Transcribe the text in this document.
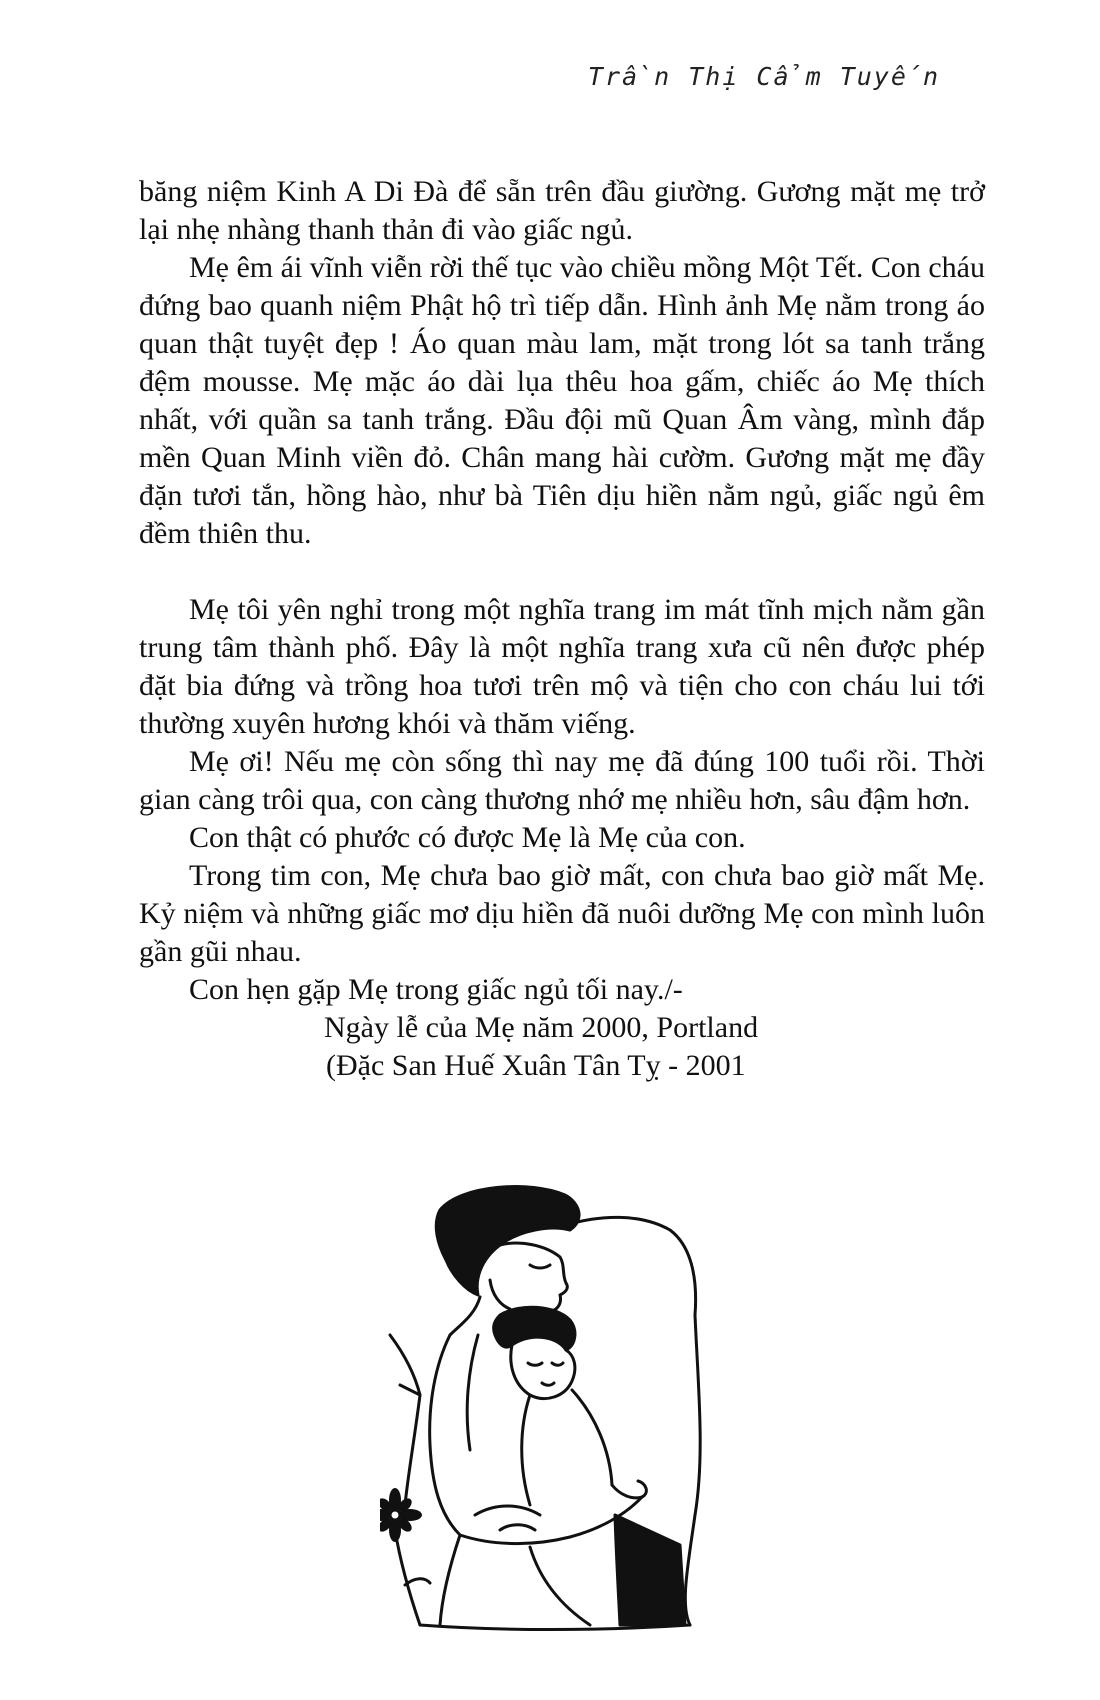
Trần Thị Cẩm Tuyến

băng niệm Kinh A Di Đà để sẵn trên đầu giường. Gương mặt mẹ trở lại nhẹ nhàng thanh thản đi vào giấc ngủ.

Mẹ êm ái vĩnh viễn rời thế tục vào chiều mồng Một Tết. Con cháu đứng bao quanh niệm Phật hộ trì tiếp dẫn. Hình ảnh Mẹ nằm trong áo quan thật tuyệt đẹp ! Áo quan màu lam, mặt trong lót sa tanh trắng đệm mousse. Mẹ mặc áo dài lụa thêu hoa gấm, chiếc áo Mẹ thích nhất, với quần sa tanh trắng. Đầu đội mũ Quan Âm vàng, mình đắp mền Quan Minh viền đỏ. Chân mang hài cườm. Gương mặt mẹ đầy đặn tươi tắn, hồng hào, như bà Tiên dịu hiền nằm ngủ, giấc ngủ êm đềm thiên thu.

Mẹ tôi yên nghỉ trong một nghĩa trang im mát tĩnh mịch nằm gần trung tâm thành phố. Đây là một nghĩa trang xưa cũ nên được phép đặt bia đứng và trồng hoa tươi trên mộ và tiện cho con cháu lui tới thường xuyên hương khói và thăm viếng.

Mẹ ơi! Nếu mẹ còn sống thì nay mẹ đã đúng 100 tuổi rồi. Thời gian càng trôi qua, con càng thương nhớ mẹ nhiều hơn, sâu đậm hơn.

Con thật có phước có được Mẹ là Mẹ của con.

Trong tim con, Mẹ chưa bao giờ mất, con chưa bao giờ mất Mẹ. Kỷ niệm và những giấc mơ dịu hiền đã nuôi dưỡng Mẹ con mình luôn gần gũi nhau.

Con hẹn gặp Mẹ trong giấc ngủ tối nay./-

Ngày lễ của Mẹ năm 2000, Portland

(Đặc San Huế Xuân Tân Tỵ - 2001
